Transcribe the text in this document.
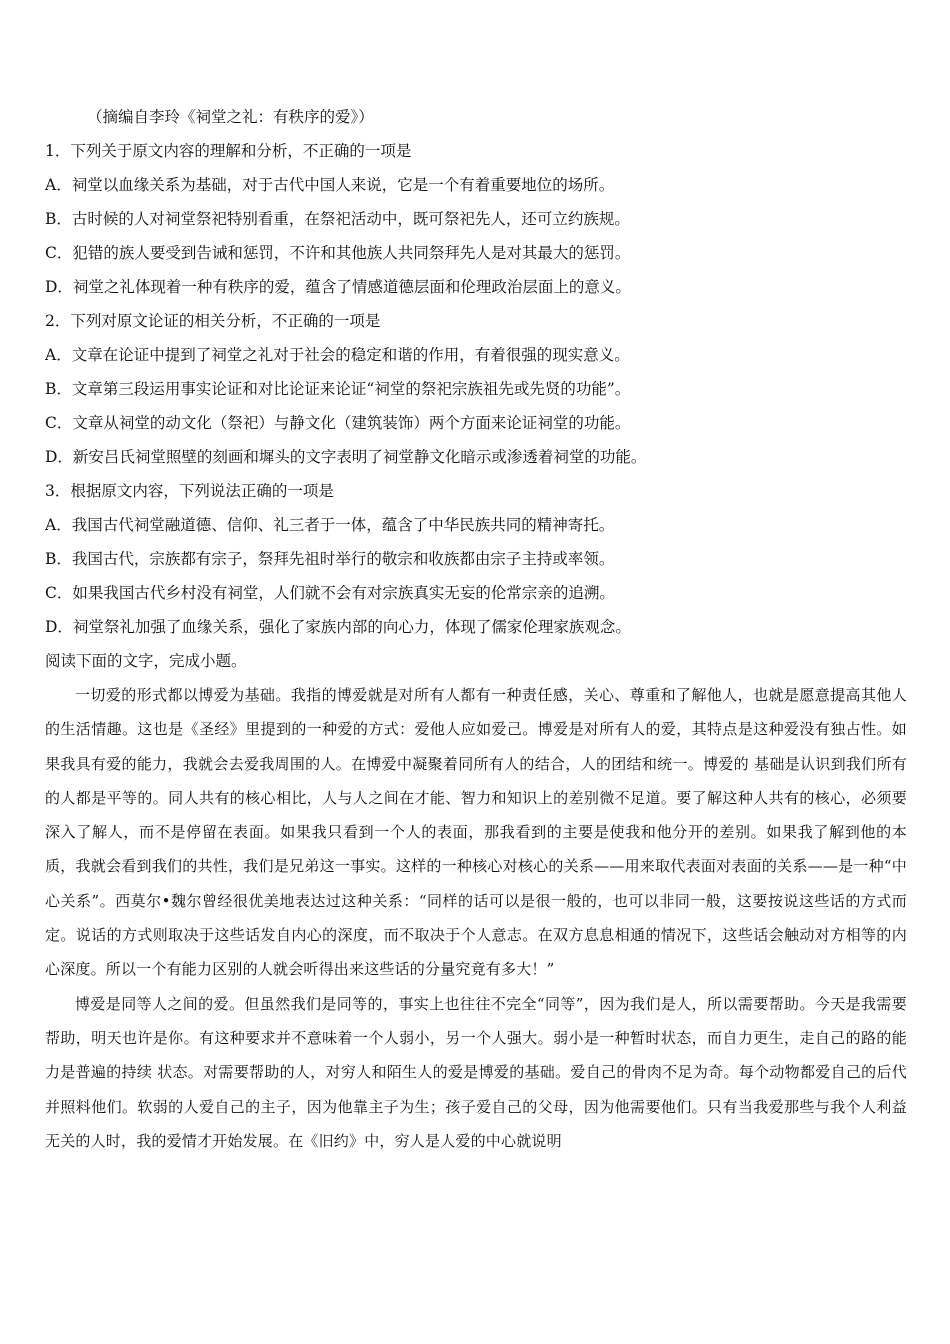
（摘编自李玲《祠堂之礼：有秩序的爱》）
1．下列关于原文内容的理解和分析，不正确的一项是
A．祠堂以血缘关系为基础，对于古代中国人来说，它是一个有着重要地位的场所。
B．古时候的人对祠堂祭祀特别看重，在祭祀活动中，既可祭祀先人，还可立约族规。
C．犯错的族人要受到告诫和惩罚，不许和其他族人共同祭拜先人是对其最大的惩罚。
D．祠堂之礼体现着一种有秩序的爱，蕴含了情感道德层面和伦理政治层面上的意义。
2．下列对原文论证的相关分析，不正确的一项是
A．文章在论证中提到了祠堂之礼对于社会的稳定和谐的作用，有着很强的现实意义。
B．文章第三段运用事实论证和对比论证来论证“祠堂的祭祀宗族祖先或先贤的功能”。
C．文章从祠堂的动文化（祭祀）与静文化（建筑装饰）两个方面来论证祠堂的功能。
D．新安吕氏祠堂照壁的刻画和墀头的文字表明了祠堂静文化暗示或渗透着祠堂的功能。
3．根据原文内容，下列说法正确的一项是
A．我国古代祠堂融道德、信仰、礼三者于一体，蕴含了中华民族共同的精神寄托。
B．我国古代，宗族都有宗子，祭拜先祖时举行的敬宗和收族都由宗子主持或率领。
C．如果我国古代乡村没有祠堂，人们就不会有对宗族真实无妄的伦常宗亲的追溯。
D．祠堂祭礼加强了血缘关系，强化了家族内部的向心力，体现了儒家伦理家族观念。
阅读下面的文字，完成小题。

一切爱的形式都以博爱为基础。我指的博爱就是对所有人都有一种责任感，关心、尊重和了解他人，也就是愿意提高其他人的生活情趣。这也是《圣经》里提到的一种爱的方式：爱他人应如爱己。博爱是对所有人的爱，其特点是这种爱没有独占性。如果我具有爱的能力，我就会去爱我周围的人。在博爱中凝聚着同所有人的结合，人的团结和统一。博爱的 基础是认识到我们所有的人都是平等的。同人共有的核心相比，人与人之间在才能、智力和知识上的差别微不足道。要了解这种人共有的核心，必须要深入了解人，而不是停留在表面。如果我只看到一个人的表面，那我看到的主要是使我和他分开的差别。如果我了解到他的本质，我就会看到我们的共性，我们是兄弟这一事实。这样的一种核心对核心的关系——用来取代表面对表面的关系——是一种“中心关系”。西莫尔•魏尔曾经很优美地表达过这种关系：“同样的话可以是很一般的，也可以非同一般，这要按说这些话的方式而定。说话的方式则取决于这些话发自内心的深度，而不取决于个人意志。在双方息息相通的情况下，这些话会触动对方相等的内心深度。所以一个有能力区别的人就会听得出来这些话的分量究竟有多大！”

博爱是同等人之间的爱。但虽然我们是同等的，事实上也往往不完全“同等”，因为我们是人，所以需要帮助。今天是我需要帮助，明天也许是你。有这种要求并不意味着一个人弱小，另一个人强大。弱小是一种暂时状态，而自力更生，走自己的路的能力是普遍的持续 状态。对需要帮助的人，对穷人和陌生人的爱是博爱的基础。爱自己的骨肉不足为奇。每个动物都爱自己的后代并照料他们。软弱的人爱自己的主子，因为他靠主子为生；孩子爱自己的父母，因为他需要他们。只有当我爱那些与我个人利益无关的人时，我的爱情才开始发展。在《旧约》中，穷人是人爱的中心就说明
